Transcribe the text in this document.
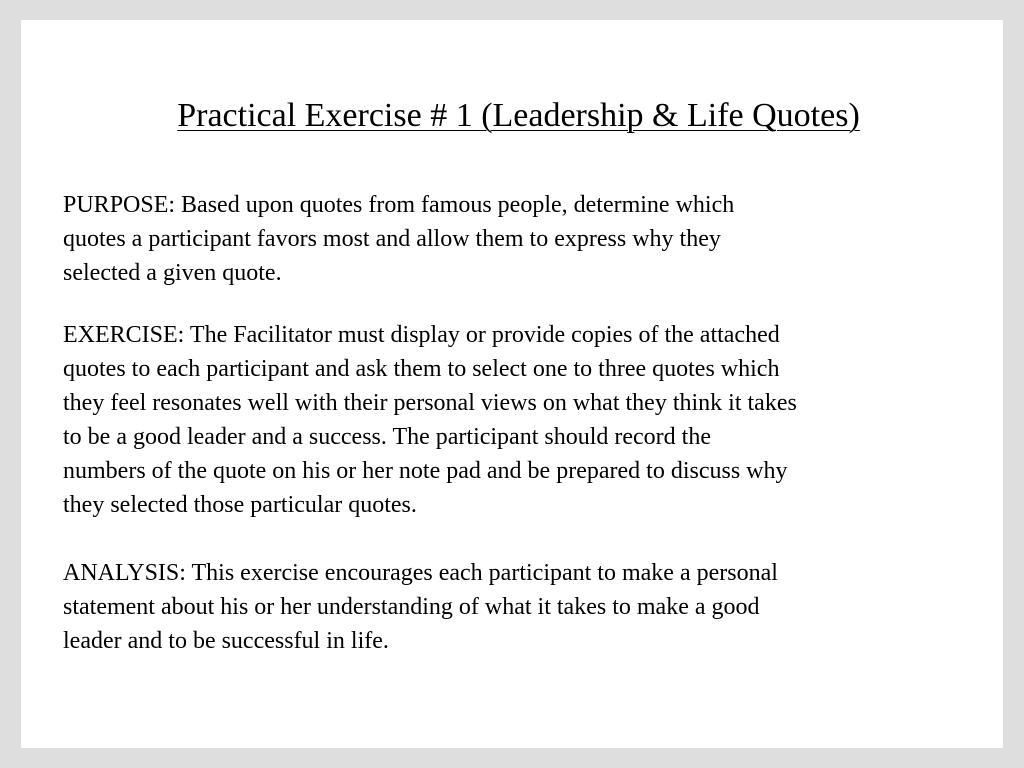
Practical Exercise # 1 (Leadership & Life Quotes)

PURPOSE: Based upon quotes from famous people, determine which
quotes a participant favors most and allow them to express why they
selected a given quote.

EXERCISE: The Facilitator must display or provide copies of the attached
quotes to each participant and ask them to select one to three quotes which
they feel resonates well with their personal views on what they think it takes
to be a good leader and a success. The participant should record the
numbers of the quote on his or her note pad and be prepared to discuss why
they selected those particular quotes.

ANALYSIS: This exercise encourages each participant to make a personal
statement about his or her understanding of what it takes to make a good
leader and to be successful in life.
